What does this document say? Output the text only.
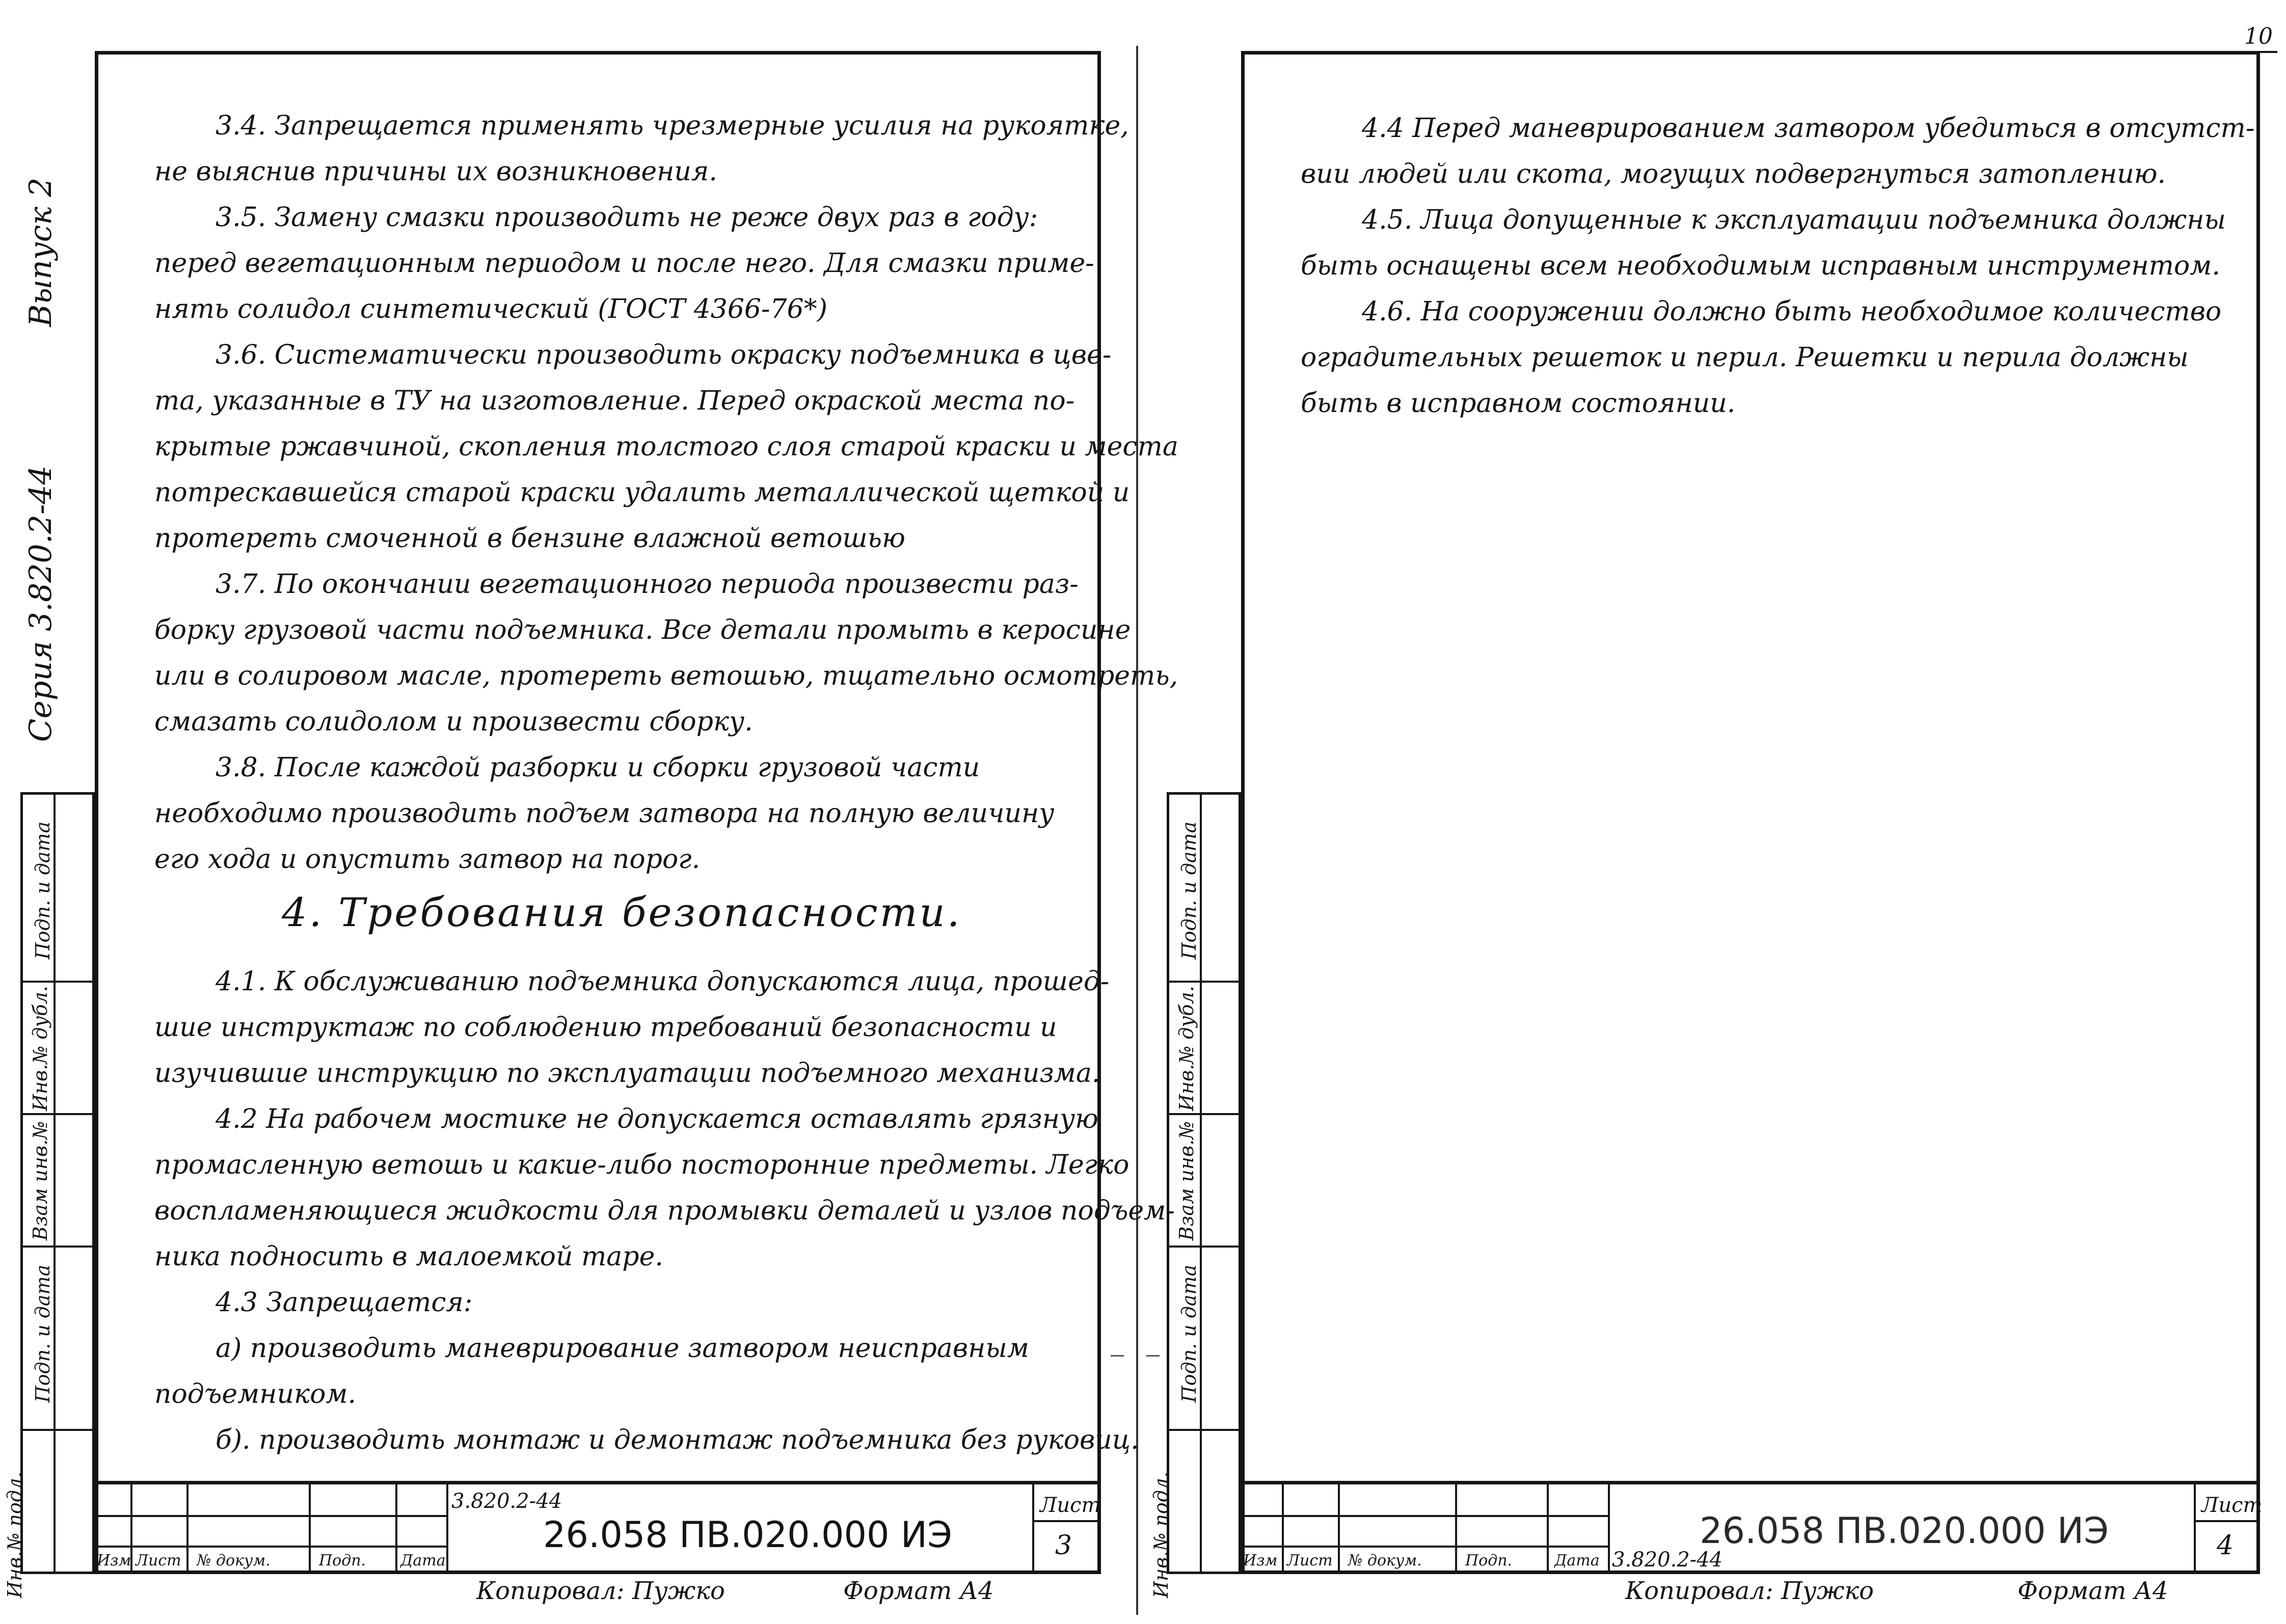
10
Серия 3.820.2-44
Выпуск 2
Инв.№ подл.
Подп. и дата
Взам инв.№
Инв.№ дубл.
Подп. и дата
3.4. Запрещается применять чрезмерные усилия на рукоятке,
не выяснив причины их возникновения.
3.5. Замену смазки производить не реже двух раз в году:
перед вегетационным периодом и после него. Для смазки приме-
нять солидол синтетический (ГОСТ 4366-76*)
3.6. Систематически производить окраску подъемника в цве-
та, указанные в ТУ на изготовление. Перед окраской места по-
крытые ржавчиной, скопления толстого слоя старой краски и места
потрескавшейся старой краски удалить металлической щеткой и
протереть смоченной в бензине влажной ветошью
3.7. По окончании вегетационного периода произвести раз-
борку грузовой части подъемника. Все детали промыть в керосине
или в солировом масле, протереть ветошью, тщательно осмотреть,
смазать солидолом и произвести сборку.
3.8. После каждой разборки и сборки грузовой части
необходимо производить подъем затвора на полную величину
его хода и опустить затвор на порог.
4. Требования безопасности.
4.1. К обслуживанию подъемника допускаются лица, прошед-
шие инструктаж по соблюдению требований безопасности и
изучившие инструкцию по эксплуатации подъемного механизма.
4.2 На рабочем мостике не допускается оставлять грязную
промасленную ветошь и какие-либо посторонние предметы. Легко
воспламеняющиеся жидкости для промывки деталей и узлов подъем-
ника подносить в малоемкой таре.
4.3 Запрещается:
а) производить маневрирование затвором неисправным
подъемником.
б). производить монтаж и демонтаж подъемника без руковиц.
Изм Лист № докум.	Подп. Дата
3.820.2-44
26.058 ПВ.020.000 ИЭ
Лист
3
Копировал: Пужко	Формат А4	Инв.№ подл.
Подп. и дата
Взам инв.№
Инв.№ дубл.
Подп. и дата
4.4 Перед маневрированием затвором убедиться в отсутст-
вии людей или скота, могущих подвергнуться затоплению.
4.5. Лица допущенные к эксплуатации подъемника должны
быть оснащены всем необходимым исправным инструментом.
4.6. На сооружении должно быть необходимое количество
оградительных решеток и перил. Решетки и перила должны
быть в исправном состоянии.
Изм Лист № докум.	Подп.	Дата
26.058 ПВ.020.000 ИЭ
3.820.2-44
Лист
4
Копировал: Пужко	Формат А4
